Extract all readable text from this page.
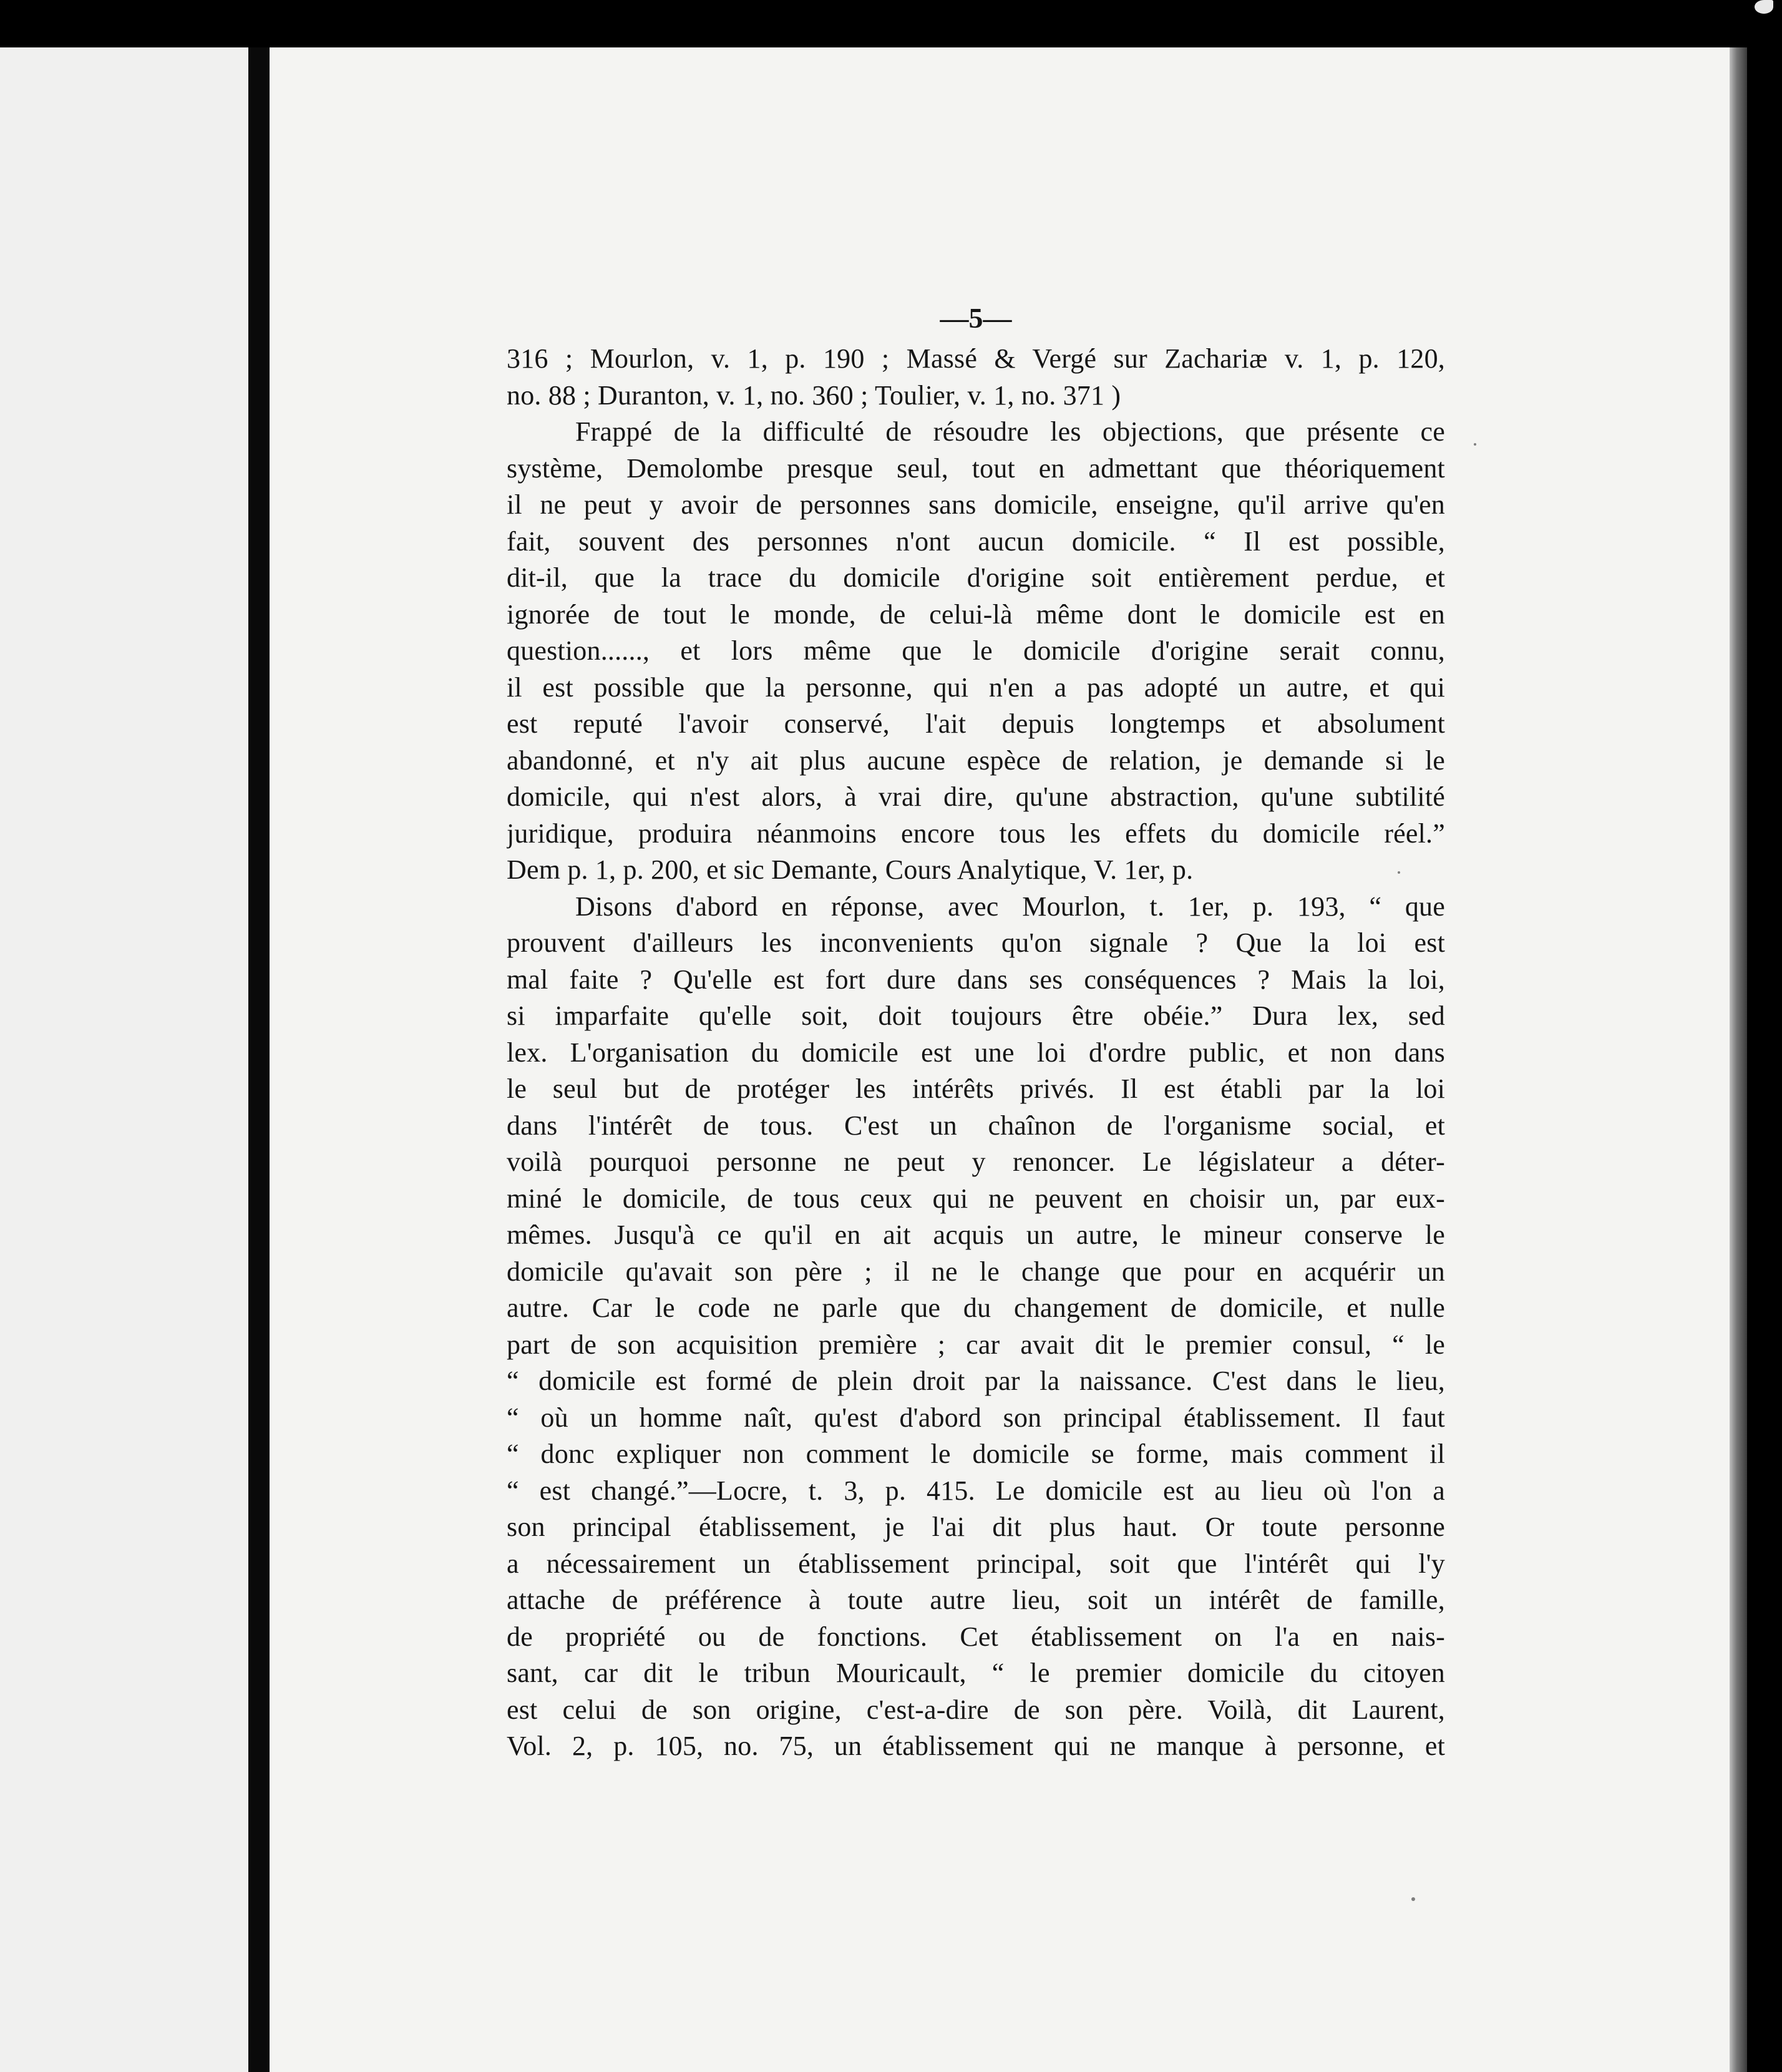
—5—

316 ; Mourlon, v. 1, p. 190 ; Massé & Vergé sur Zachariæ v. 1, p. 120,
no. 88 ; Duranton, v. 1, no. 360 ; Toulier, v. 1, no. 371 )

Frappé de la difficulté de résoudre les objections, que présente ce
système, Demolombe presque seul, tout en admettant que théoriquement
il ne peut y avoir de personnes sans domicile, enseigne, qu'il arrive qu'en
fait, souvent des personnes n'ont aucun domicile. “ Il est possible,
dit-il, que la trace du domicile d'origine soit entièrement perdue, et
ignorée de tout le monde, de celui-là même dont le domicile est en
question......, et lors même que le domicile d'origine serait connu,
il est possible que la personne, qui n'en a pas adopté un autre, et qui
est reputé l'avoir conservé, l'ait depuis longtemps et absolument
abandonné, et n'y ait plus aucune espèce de relation, je demande si le
domicile, qui n'est alors, à vrai dire, qu'une abstraction, qu'une subtilité
juridique, produira néanmoins encore tous les effets du domicile réel.”
Dem p. 1, p. 200, et sic Demante, Cours Analytique, V. 1er, p.

Disons d'abord en réponse, avec Mourlon, t. 1er, p. 193, “ que
prouvent d'ailleurs les inconvenients qu'on signale ? Que la loi est
mal faite ? Qu'elle est fort dure dans ses conséquences ? Mais la loi,
si imparfaite qu'elle soit, doit toujours être obéie.” Dura lex, sed
lex. L'organisation du domicile est une loi d'ordre public, et non dans
le seul but de protéger les intérêts privés. Il est établi par la loi
dans l'intérêt de tous. C'est un chaînon de l'organisme social, et
voilà pourquoi personne ne peut y renoncer. Le législateur a déter-
miné le domicile, de tous ceux qui ne peuvent en choisir un, par eux-
mêmes. Jusqu'à ce qu'il en ait acquis un autre, le mineur conserve le
domicile qu'avait son père ; il ne le change que pour en acquérir un
autre. Car le code ne parle que du changement de domicile, et nulle
part de son acquisition première ; car avait dit le premier consul, “ le
“ domicile est formé de plein droit par la naissance. C'est dans le lieu,
“ où un homme naît, qu'est d'abord son principal établissement. Il faut
“ donc expliquer non comment le domicile se forme, mais comment il
“ est changé.”—Locre, t. 3, p. 415. Le domicile est au lieu où l'on a
son principal établissement, je l'ai dit plus haut. Or toute personne
a nécessairement un établissement principal, soit que l'intérêt qui l'y
attache de préférence à toute autre lieu, soit un intérêt de famille,
de propriété ou de fonctions. Cet établissement on l'a en nais-
sant, car dit le tribun Mouricault, “ le premier domicile du citoyen
est celui de son origine, c'est-a-dire de son père. Voilà, dit Laurent,
Vol. 2, p. 105, no. 75, un établissement qui ne manque à personne, et
